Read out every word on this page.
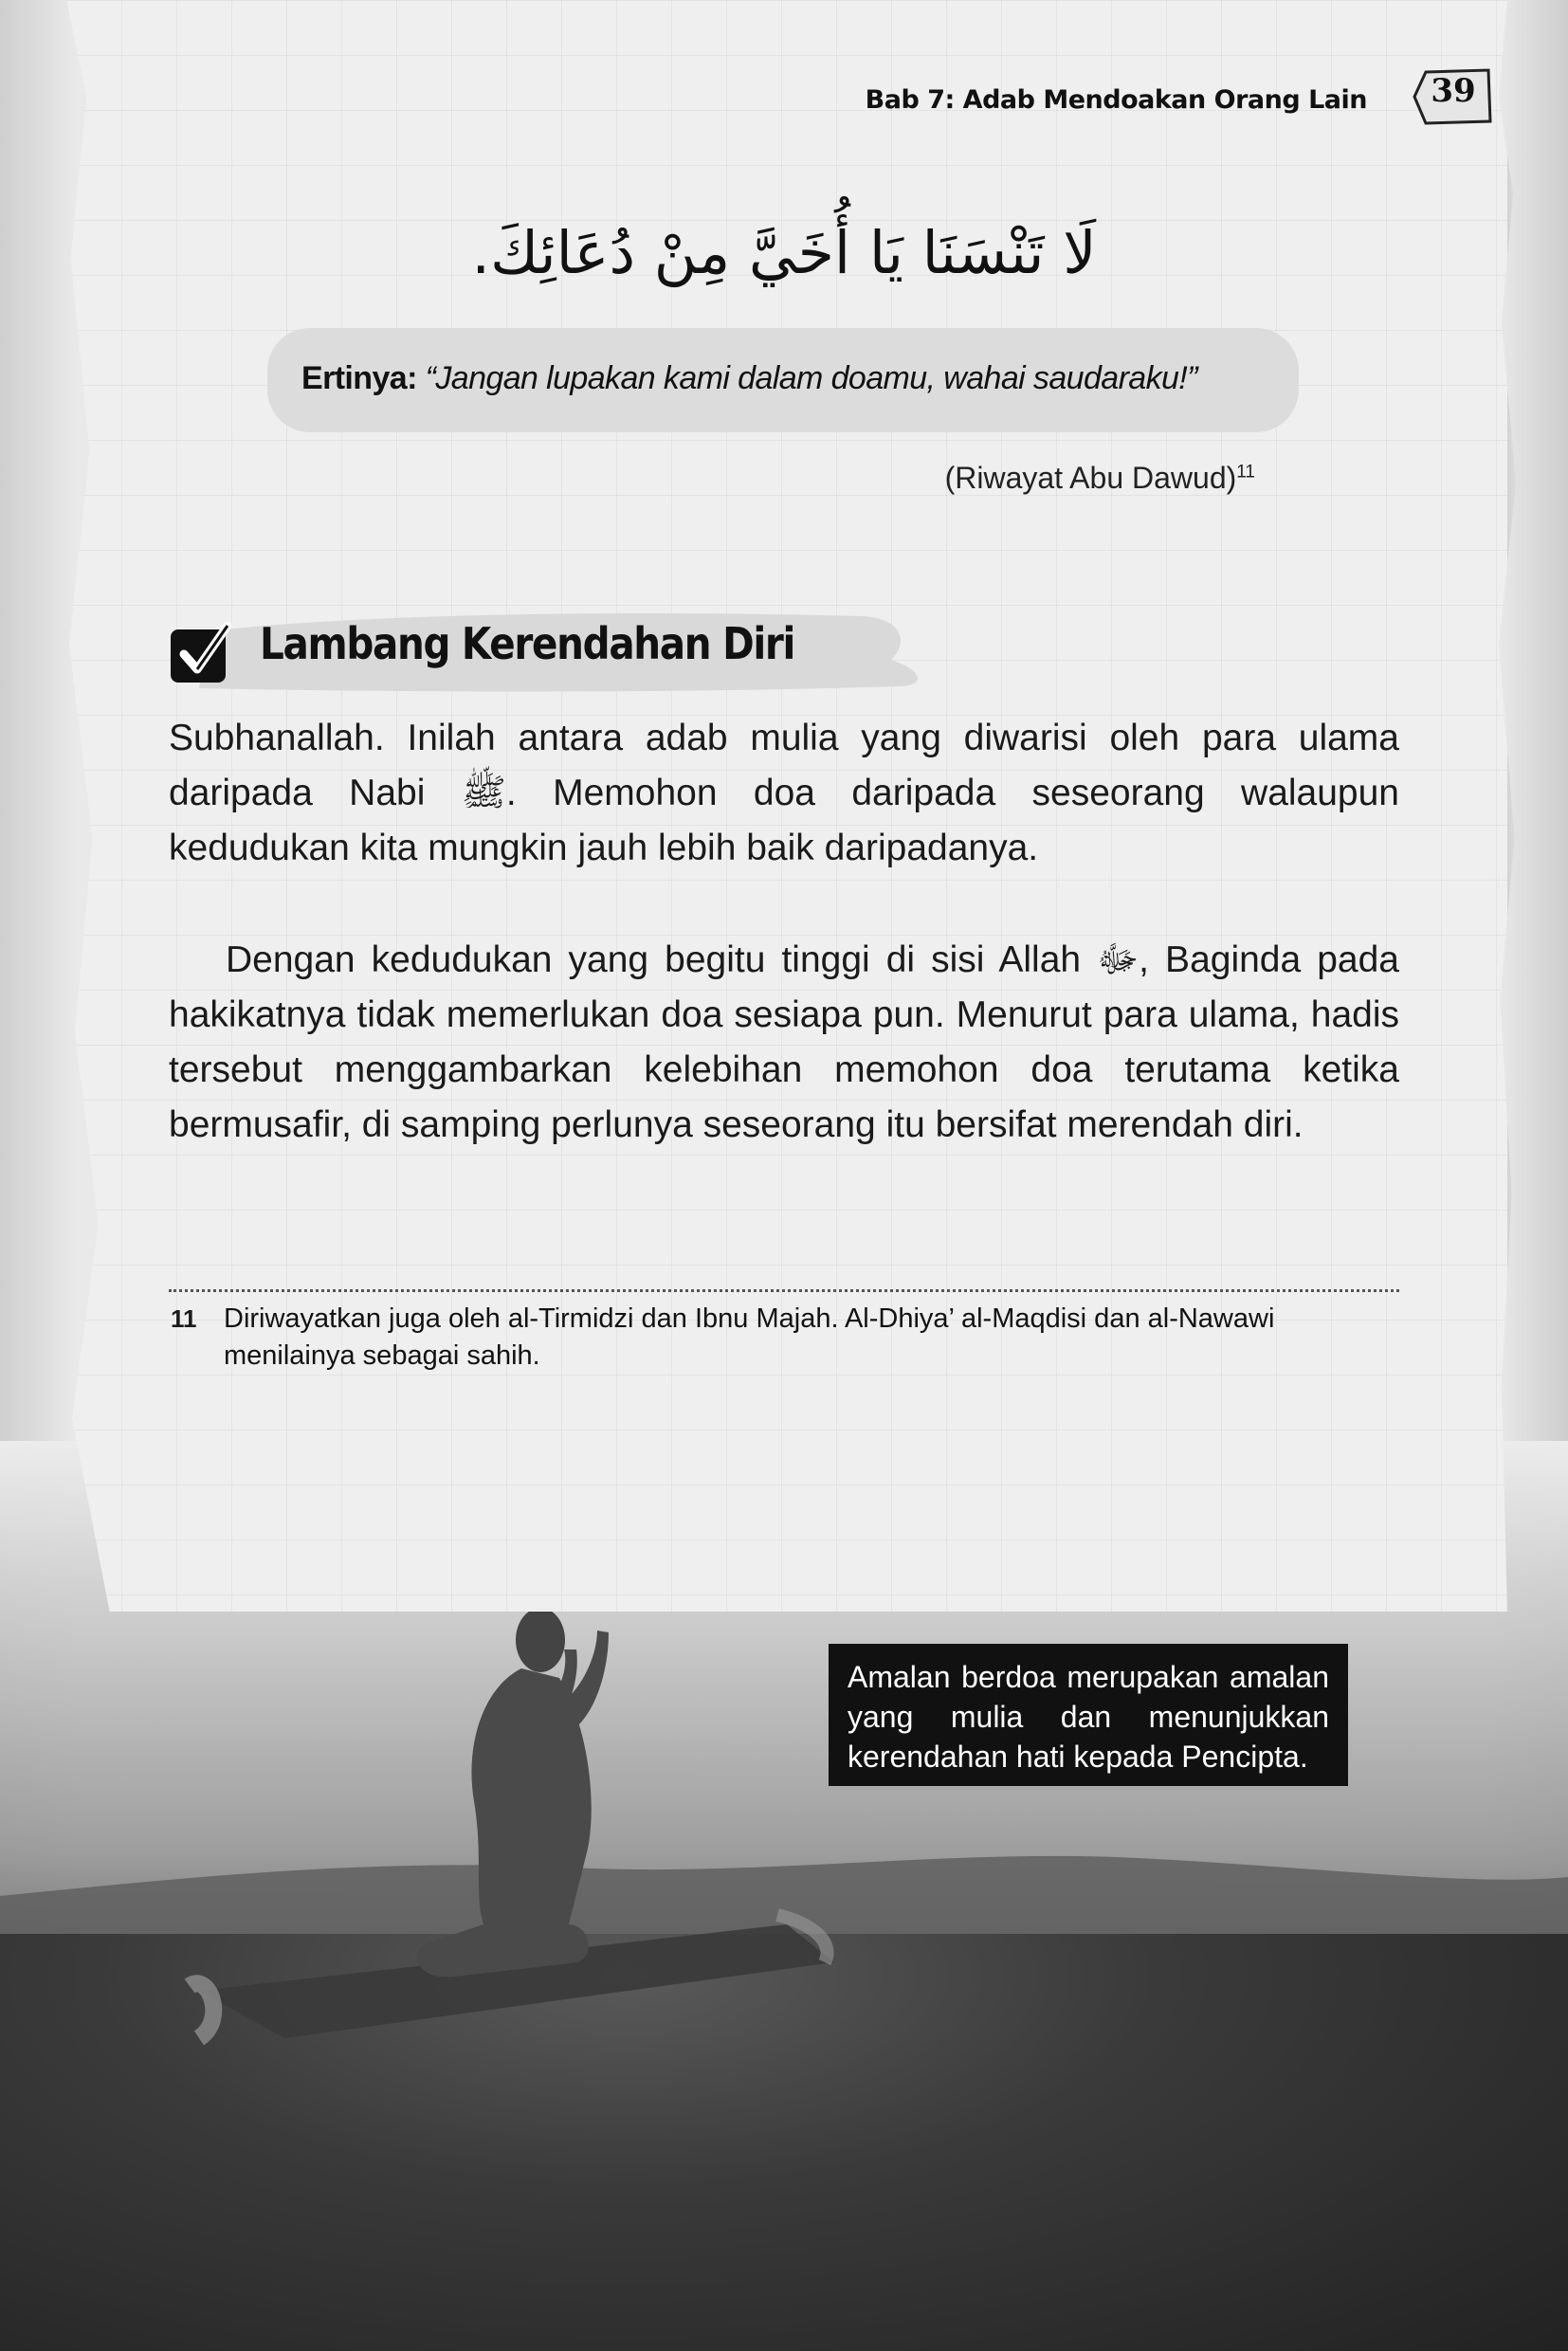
Bab 7: Adab Mendoakan Orang Lain	39
لَا تَنْسَنَا يَا أُخَيَّ مِنْ دُعَائِكَ.
Ertinya: “Jangan lupakan kami dalam doamu, wahai saudaraku!”
(Riwayat Abu Dawud)$^{11}$
Lambang Kerendahan Diri

Subhanallah. Inilah antara adab mulia yang diwarisi oleh para ulama daripada Nabi ﷺ. Memohon doa daripada seseorang walaupun kedudukan kita mungkin jauh lebih baik daripadanya.

Dengan kedudukan yang begitu tinggi di sisi Allah ﷻ, Baginda pada hakikatnya tidak memerlukan doa sesiapa pun. Menurut para ulama, hadis tersebut menggambarkan kelebihan memohon doa terutama ketika bermusafir, di samping perlunya seseorang itu bersifat merendah diri.

11 Diriwayatkan juga oleh al-Tirmidzi dan Ibnu Majah. Al-Dhiya’ al-Maqdisi dan al-Nawawi menilainya sebagai sahih.
Amalan berdoa merupakan amalan yang mulia dan menunjukkan kerendahan hati kepada Pencipta.
